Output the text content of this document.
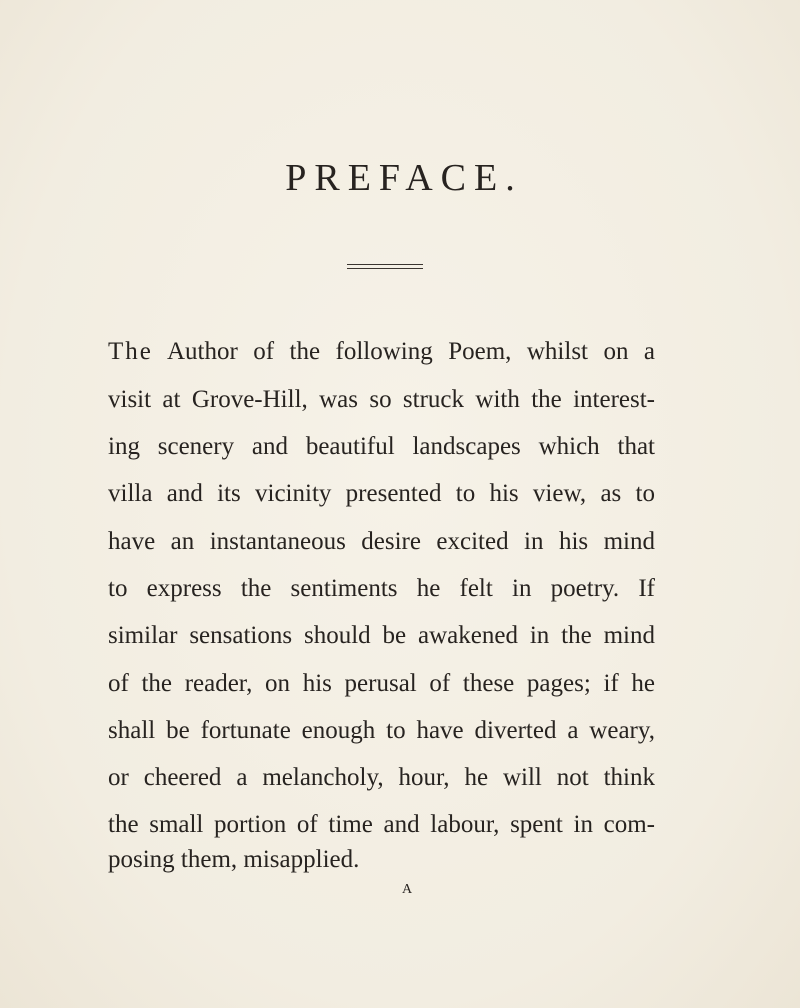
PREFACE.
The Author of the following Poem, whilst on a
visit at Grove-Hill, was so struck with the interest-
ing scenery and beautiful landscapes which that
villa and its vicinity presented to his view, as to
have an instantaneous desire excited in his mind
to express the sentiments he felt in poetry. If
similar sensations should be awakened in the mind
of the reader, on his perusal of these pages; if he
shall be fortunate enough to have diverted a weary,
or cheered a melancholy, hour, he will not think
the small portion of time and labour, spent in com-
posing them, misapplied.
A
